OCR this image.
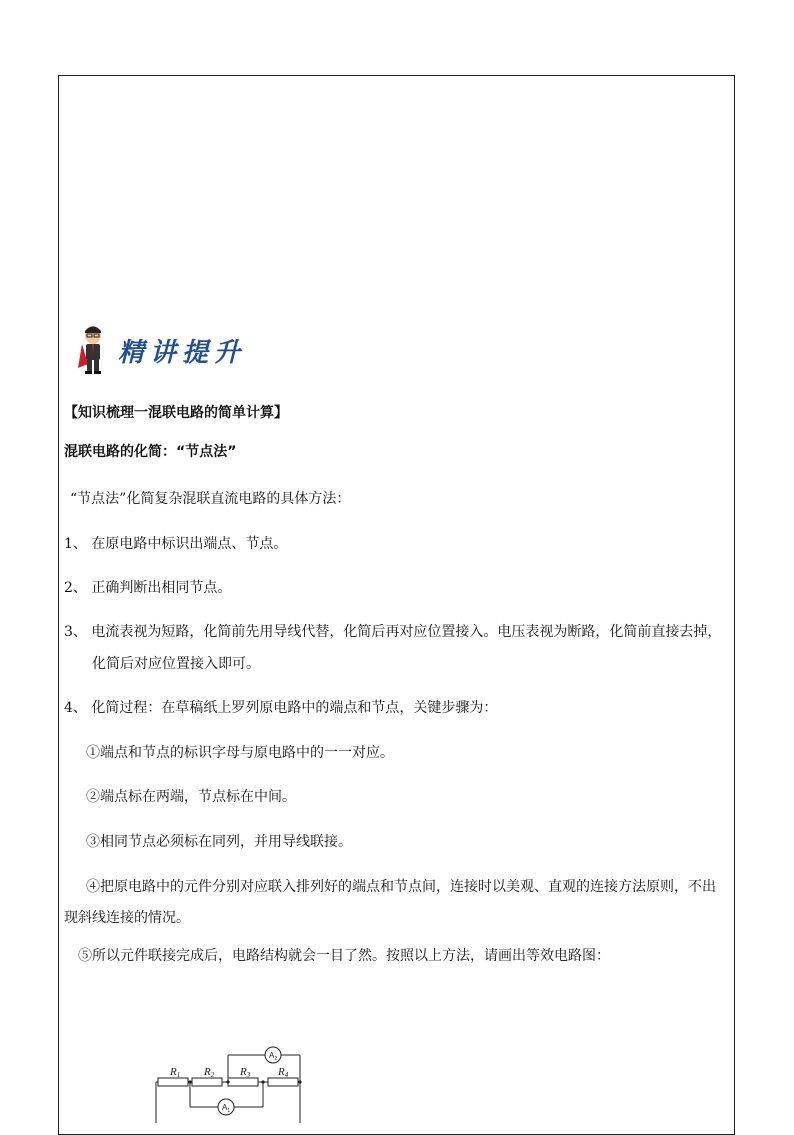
精讲提升
【知识梳理一混联电路的简单计算】
混联电路的化简：“节点法”
“节点法”化简复杂混联直流电路的具体方法：
1、 在原电路中标识出端点、节点。
2、 正确判断出相同节点。
3、 电流表视为短路，化简前先用导线代替，化简后再对应位置接入。电压表视为断路，化简前直接去掉，
化简后对应位置接入即可。
4、 化简过程：在草稿纸上罗列原电路中的端点和节点，关键步骤为：
①端点和节点的标识字母与原电路中的一一对应。
②端点标在两端，节点标在中间。
③相同节点必须标在同列，并用导线联接。
④把原电路中的元件分别对应联入排列好的端点和节点间，连接时以美观、直观的连接方法原则，不出
现斜线连接的情况。
⑤所以元件联接完成后，电路结构就会一目了然。按照以上方法，请画出等效电路图：
R1 R2 R3	R4
$A_2$
$A_1$
